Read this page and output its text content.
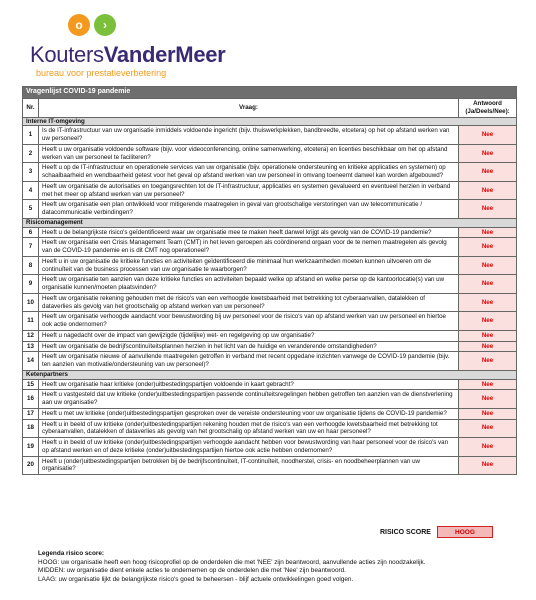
o	›
KoutersVanderMeer
bureau voor prestatieverbetering
Vragenlijst COVID-19 pandemie		
Nr.	Vraag:	Antwoord (Ja/Deels/Nee):
Interne IT-omgeving		
1	Is de IT-infrastructuur van uw organisatie inmiddels voldoende ingericht (bijv. thuiswerkplekken, bandbreedte, etcetera) op het op afstand werken van uw personeel?	Nee
2	Heeft u uw organisatie voldoende software (bijv. voor videoconferencing, online samenwerking, etcetera) en licenties beschikbaar om het op afstand werken van uw personeel te faciliteren?	Nee
3	Heeft u op de IT-infrastructuur en operationele services van uw organisatie (bijv. operationele ondersteuning en kritieke applicaties en systemen) op schaalbaarheid en wendbaarheid getest voor het geval op afstand werken van uw personeel in omvang toeneemt danwel kan worden afgebouwd?	Nee
4	Heeft uw organisatie de autorisaties en toegangsrechten tot de IT-infrastructuur, applicaties en systemen gevalueerd en eventueel herzien in verband met het meer op afstand werken van uw personeel?	Nee
5	Heeft uw organisatie een plan ontwikkeld voor mitigerende maatregelen in geval van grootschalige verstoringen van uw telecommunicatie / datacommunicatie verbindingen?	Nee
Risicomanagement		
6	Heeft u de belangrijkste risico's geïdentificeerd waar uw organisatie mee te maken heeft danwel krijgt als gevolg van de COVID-19 pandemie?	Nee
7	Heeft uw organisatie een Crisis Management Team (CMT) in het leven geroepen als coördinerend orgaan voor de te nemen maatregelen als gevolg van de COVID-19 pandemie en is dit CMT nog operationeel?	Nee
8	Heeft u in uw organisatie de kritieke functies en activiteiten geïdentificeerd die minimaal hun werkzaamheden moeten kunnen uitvoeren om de continuïteit van de business processen van uw organisatie te waarborgen?	Nee
9	Heeft uw organisatie ten aanzien van deze kritieke functies en activiteiten bepaald welke op afstand en welke perse op de kantoorlocatie(s) van uw organisatie kunnen/moeten plaatsvinden?	Nee
10	Heeft uw organisatie rekening gehouden met de risico's van een verhoogde kwetsbaarheid met betrekking tot cyberaanvallen, datalekken of dataverlies als gevolg van het grootschalig op afstand werken van uw personeel?	Nee
11	Heeft uw organisatie verhoogde aandacht voor bewustwording bij uw personeel voor de risico's van op afstand werken van uw personeel en hiertoe ook actie ondernomen?	Nee
12	Heeft u nagedacht over de impact van gewijzigde (tijdelijke) wet- en regelgeving op uw organisatie?	Nee
13	Heeft uw organisatie de bedrijfscontinuïteitsplannen herzien in het licht van de huidige en veranderende omstandigheden?	Nee
14	Heeft uw organisatie nieuwe of aanvullende maatregelen getroffen in verband met recent opgedane inzichten vanwege de COVID-19 pandemie (bijv. ten aanzien van motivatie/ondersteuning van uw personeel)?	Nee
Ketenpartners		
15	Heeft uw organisatie haar kritieke (onder)uitbestedingspartijen voldoende in kaart gebracht?	Nee
16	Heeft u vastgesteld dat uw kritieke (onder)uitbestedingspartijen passende continuïteitsregelingen hebben getroffen ten aanzien van de dienstverlening aan uw organisatie?	Nee
17	Heeft u met uw kritieke (onder)uitbestedingspartijen gesproken over de vereiste ondersteuning voor uw organisatie tijdens de COVID-19 pandemie?	Nee
18	Heeft u in beeld of uw kritieke (onder)uitbestedingspartijen rekening houden met de risico's van een verhoogde kwetsbaarheid met betrekking tot cyberaanvallen, datalekken of dataverlies als gevolg van het grootschalig op afstand werken van uw en haar personeel?	Nee
19	Heeft u in beeld of uw kritieke (onder)uitbestedingspartijen verhoogde aandacht hebben voor bewustwording van haar personeel voor de risico's van op afstand werken en of deze kritieke (onder)uitbestedingspartijen hiertoe ook actie hebben ondernomen?	Nee
20	Heeft u (onder)uitbestedingspartijen betrokken bij de bedrijfscontinuïteit, IT-continuïteit, noodherstel, crisis- en noodbeheerplannen van uw organisatie?	Nee
RISICO SCORE	HOOG
Legenda risico score:
HOOG: uw organisatie heeft een hoog risicoprofiel op de onderdelen die met 'NEE' zijn beantwoord, aanvullende acties zijn noodzakelijk.
MIDDEN: uw organisatie dient enkele acties te ondernemen op de onderdelen die met 'Nee' zijn beantwoord.
LAAG: uw organisatie lijkt de belangrijkste risico's goed te beheersen - blijf actuele ontwikkelingen goed volgen.
